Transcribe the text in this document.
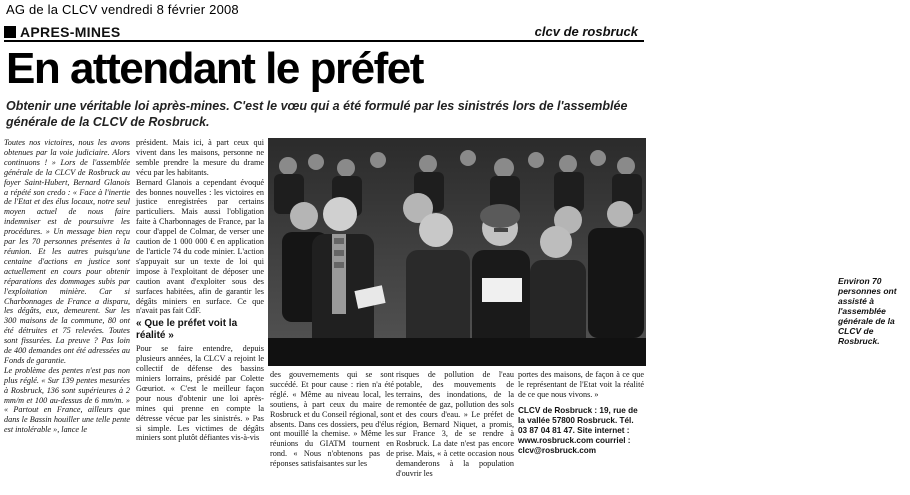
AG de la CLCV vendredi 8 février 2008
APRES-MINES	clcv de rosbruck
En attendant le préfet
Obtenir une véritable loi après-mines. C'est le vœu qui a été formulé par les sinistrés lors de l'assemblée générale de la CLCV de Rosbruck.

Toutes nos victoires, nous les avons obtenues par la voie judiciaire. Alors continuons ! » Lors de l'assemblée générale de la CLCV de Rosbruck au foyer Saint-Hubert, Bernard Glanois a répété son credo : « Face à l'inertie de l'Etat et des élus locaux, notre seul moyen actuel de nous faire indemniser est de poursuivre les procédures. » Un message bien reçu par les 70 personnes présentes à la réunion. Et les autres puisqu'une centaine d'actions en justice sont actuellement en cours pour obtenir réparations des dommages subis par l'exploitation minière. Car si Charbonnages de France a disparu, les dégâts, eux, demeurent. Sur les 300 maisons de la commune, 80 ont été détruites et 75 relevées. Toutes sont fissurées. La preuve ? Pas loin de 400 demandes ont été adressées au Fonds de garantie.

Le problème des pentes n'est pas non plus réglé. « Sur 139 pentes mesurées à Rosbruck, 136 sont supérieures à 2 mm/m et 100 au-dessus de 6 mm/m. » « Partout en France, ailleurs que dans le Bassin houiller une telle pente est intolérable », lance le

président. Mais ici, à part ceux qui vivent dans les maisons, personne ne semble prendre la mesure du drame vécu par les habitants.

Bernard Glanois a cependant évoqué des bonnes nouvelles : les victoires en justice enregistrées par certains particuliers. Mais aussi l'obligation faite à Charbonnages de France, par la cour d'appel de Colmar, de verser une caution de 1 000 000 € en application de l'article 74 du code minier. L'action s'appuyait sur un texte de loi qui impose à l'exploitant de déposer une caution avant d'exploiter sous des surfaces habitées, afin de garantir les dégâts miniers en surface. Ce que n'avait pas fait CdF.

« Que le préfet voit la réalité »

Pour se faire entendre, depuis plusieurs années, la CLCV a rejoint le collectif de défense des bassins miniers lorrains, présidé par Colette Gœuriot. « C'est le meilleur façon pour nous d'obtenir une loi après-mines qui prenne en compte la détresse vécue par les sinistrés. » Pas si simple. Les victimes de dégâts miniers sont plutôt défiantes vis-à-vis

Environ 70 personnes ont assisté à l'assemblée générale de la CLCV de Rosbruck.

des gouvernements qui se sont succédé. Et pour cause : rien n'a été réglé. « Même au niveau local, les soutiens, à part ceux du maire de Rosbruck et du Conseil régional, sont absents. Dans ces dossiers, peu d'élus ont mouillé la chemise. » Même les réunions du GIATM tournent en rond. « Nous n'obtenons pas de réponses satisfaisantes sur les

risques de pollution de l'eau potable, des mouvements de terrains, des inondations, de la remontée de gaz, pollution des sols et des cours d'eau. » Le préfet de région, Bernard Niquet, a promis, sur France 3, de se rendre à Rosbruck. La date n'est pas encore prise. Mais, « à cette occasion nous demanderons à la population d'ouvrir les

portes des maisons, de façon à ce que le représentant de l'Etat voit la réalité de ce que nous vivons. »

CLCV de Rosbruck : 19, rue de la vallée 57800 Rosbruck. Tél. 03 87 04 81 47. Site internet : www.rosbruck.com courriel : clcv@rosbruck.com
